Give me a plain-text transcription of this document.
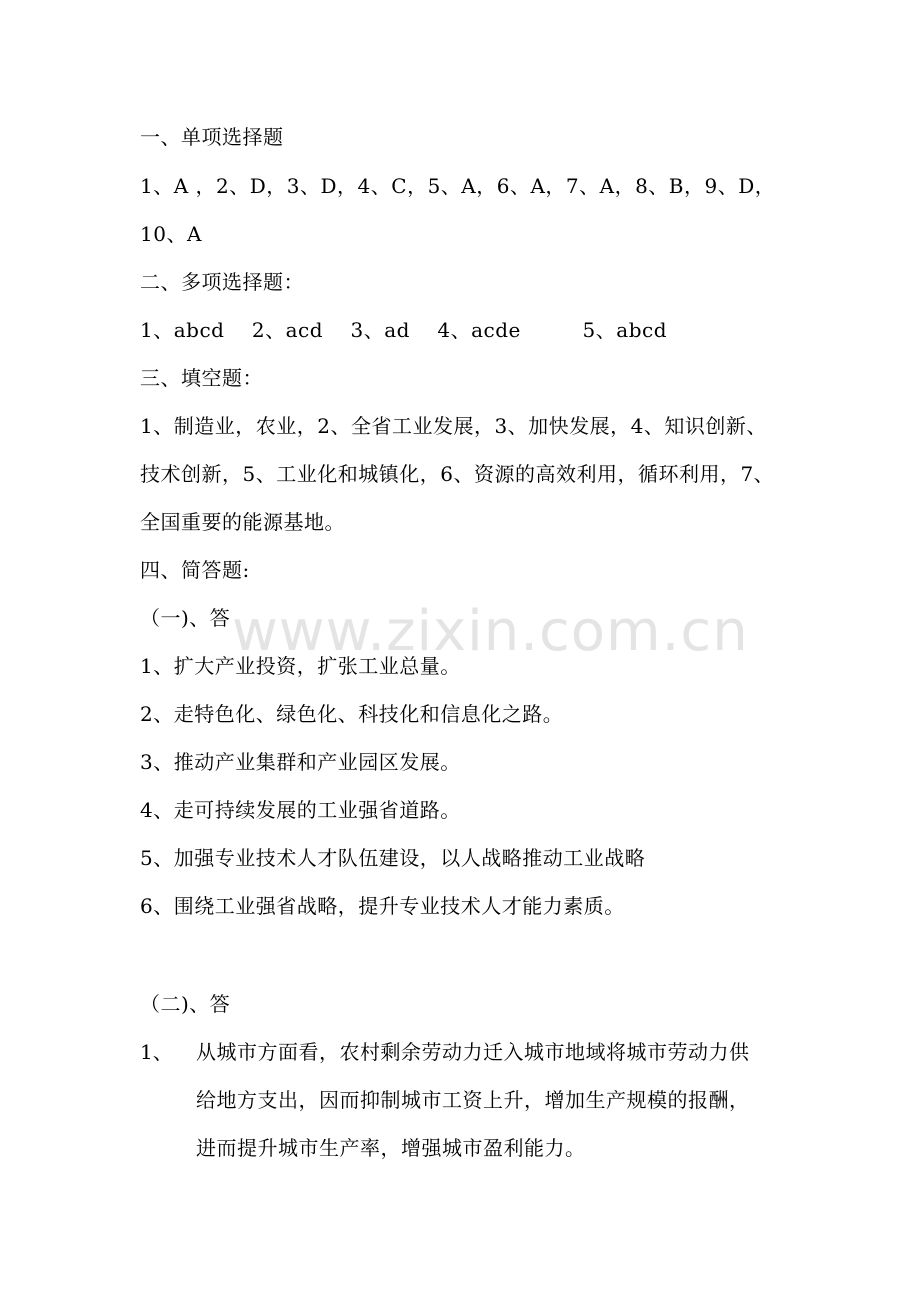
www.zixin.com.cn
一、单项选择题
1、A ，2、D，3、D，4、C，5、A，6、A，7、A，8、B，9、D，
10、A
二、多项选择题：
1、abcd    2、acd    3、ad    4、acde         5、abcd
三、填空题：
1、制造业，农业，2、全省工业发展，3、加快发展，4、知识创新、
技术创新，5、工业化和城镇化，6、资源的高效利用，循环利用，7、
全国重要的能源基地。
四、简答题:
（一)、答
1、扩大产业投资，扩张工业总量。
2、走特色化、绿色化、科技化和信息化之路。
3、推动产业集群和产业园区发展。
4、走可持续发展的工业强省道路。
5、加强专业技术人才队伍建设，以人战略推动工业战略
6、围绕工业强省战略，提升专业技术人才能力素质。
（二)、答
1、 从城市方面看，农村剩余劳动力迁入城市地域将城市劳动力供
给地方支出，因而抑制城市工资上升，增加生产规模的报酬，
进而提升城市生产率，增强城市盈利能力。
